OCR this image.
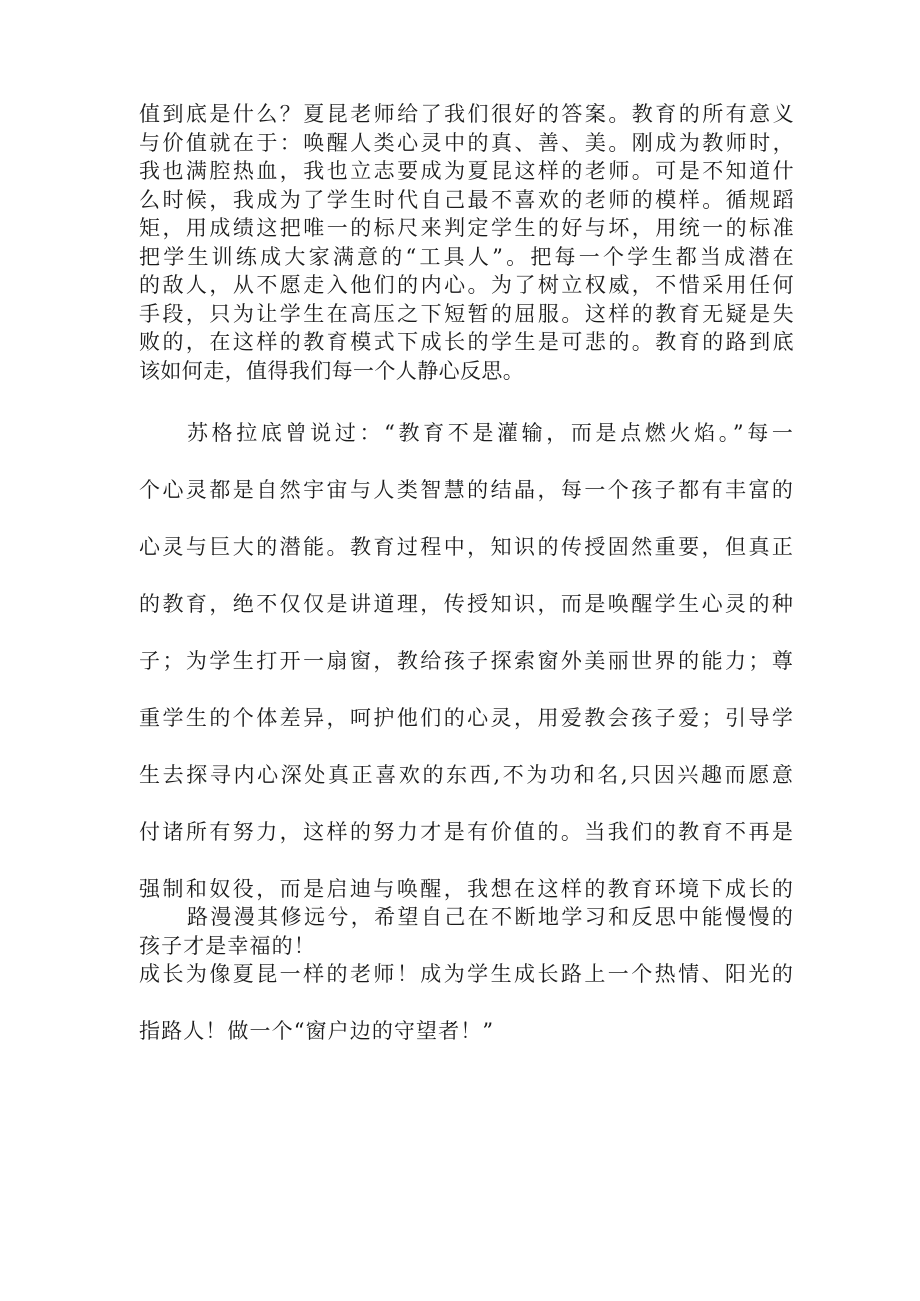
值到底是什么？夏昆老师给了我们很好的答案。教育的所有意义
与价值就在于：唤醒人类心灵中的真、善、美。刚成为教师时，
我也满腔热血，我也立志要成为夏昆这样的老师。可是不知道什
么时候，我成为了学生时代自己最不喜欢的老师的模样。循规蹈
矩，用成绩这把唯一的标尺来判定学生的好与坏，用统一的标准
把学生训练成大家满意的“工具人”。把每一个学生都当成潜在
的敌人，从不愿走入他们的内心。为了树立权威，不惜采用任何
手段，只为让学生在高压之下短暂的屈服。这样的教育无疑是失
败的，在这样的教育模式下成长的学生是可悲的。教育的路到底
该如何走，值得我们每一个人静心反思。

苏格拉底曾说过：“教育不是灌输，而是点燃火焰。”每一
个心灵都是自然宇宙与人类智慧的结晶，每一个孩子都有丰富的
心灵与巨大的潜能。教育过程中，知识的传授固然重要，但真正
的教育，绝不仅仅是讲道理，传授知识，而是唤醒学生心灵的种
子；为学生打开一扇窗，教给孩子探索窗外美丽世界的能力；尊
重学生的个体差异，呵护他们的心灵，用爱教会孩子爱；引导学
生去探寻内心深处真正喜欢的东西,不为功和名,只因兴趣而愿意
付诸所有努力，这样的努力才是有价值的。当我们的教育不再是
强制和奴役，而是启迪与唤醒，我想在这样的教育环境下成长的
孩子才是幸福的！

路漫漫其修远兮，希望自己在不断地学习和反思中能慢慢的
成长为像夏昆一样的老师！成为学生成长路上一个热情、阳光的
指路人！做一个“窗户边的守望者！”
